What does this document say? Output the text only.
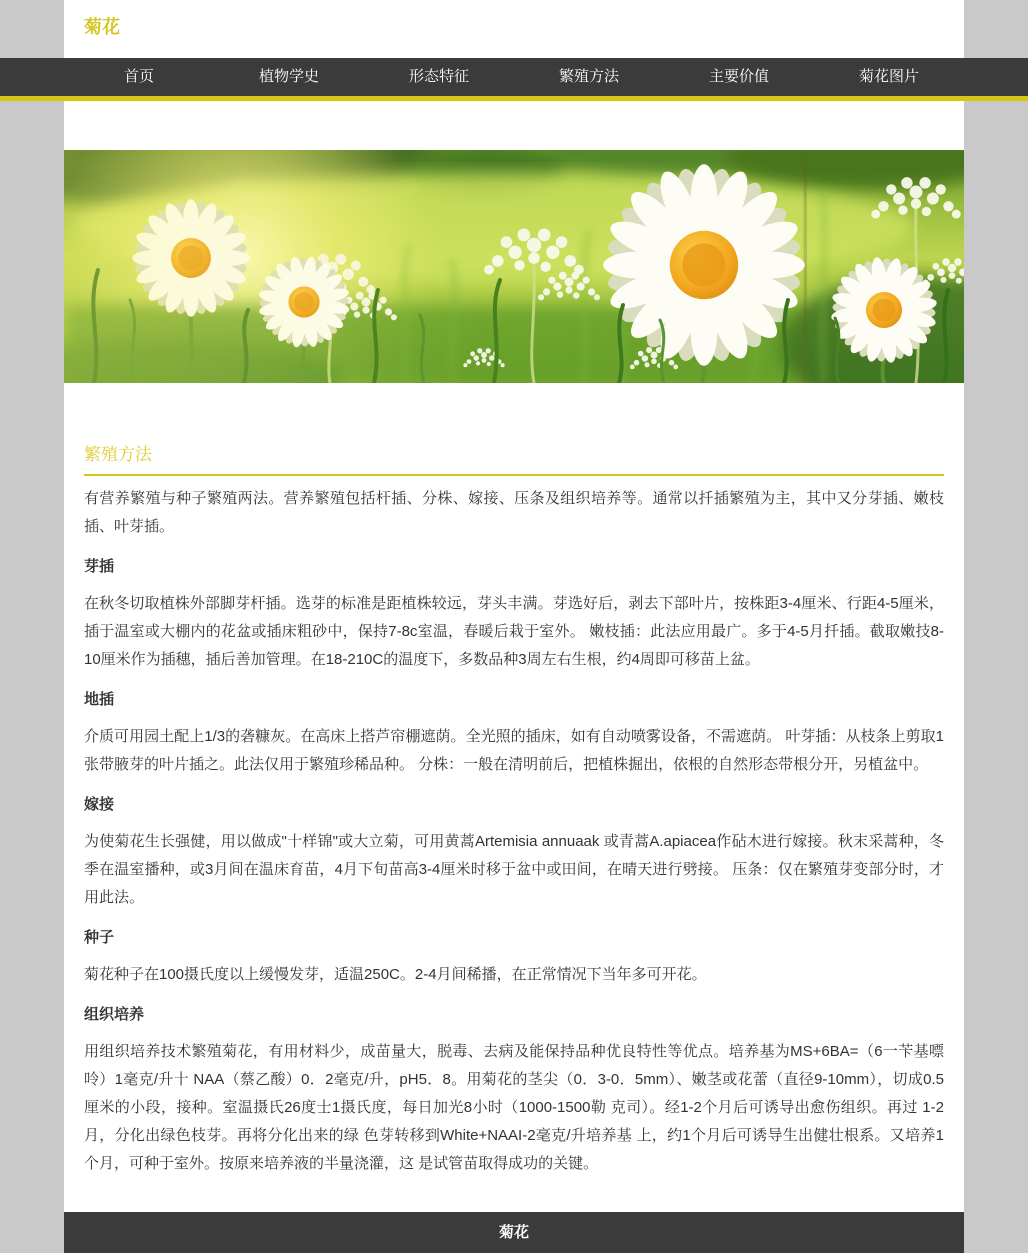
菊花
首页	植物学史	形态特征	繁殖方法	主要价值	菊花图片
繁殖方法

有营养繁殖与种子繁殖两法。营养繁殖包括杆插、分株、嫁接、压条及组织培养等。通常以扦插繁殖为主，其中又分芽插、嫩枝插、叶芽插。

芽插

在秋冬切取植株外部脚芽杆插。选芽的标准是距植株较远，芽头丰满。芽选好后，剥去下部叶片，按株距3-4厘米、行距4-5厘米，插于温室或大棚内的花盆或插床粗砂中，保持7-8c室温，春暖后栽于室外。 嫩枝插：此法应用最广。多于4-5月扦插。截取嫩技8-10厘米作为插穗，插后善加管理。在18-210C的温度下，多数品种3周左右生根，约4周即可移苗上盆。

地插

介质可用园土配上1/3的砻糠灰。在高床上搭芦帘棚遮荫。全光照的插床，如有自动喷雾设备，不需遮荫。 叶芽插：从枝条上剪取1张带腋芽的叶片插之。此法仅用于繁殖珍稀品种。 分株：一般在清明前后，把植株掘出，依根的自然形态带根分开，另植盆中。

嫁接

为使菊花生长强健，用以做成"十样锦"或大立菊，可用黄蒿Artemisia annuaak 或青蒿A.apiacea作砧木进行嫁接。秋末采蒿种，冬季在温室播种，或3月间在温床育苗，4月下旬苗高3-4厘米时移于盆中或田间，在晴天进行劈接。 压条：仅在繁殖芽变部分时，才用此法。

种子

菊花种子在100摄氏度以上缓慢发芽，适温250C。2-4月间稀播，在正常情况下当年多可开花。

组织培养

用组织培养技术繁殖菊花，有用材料少，成苗量大，脱毒、去病及能保持品种优良特性等优点。培养基为MS+6BA=（6一苄基嘌呤）1毫克/升十 NAA（蔡乙酸）0．2毫克/升，pH5．8。用菊花的茎尖（0．3-0．5mm）、嫩茎或花蕾（直径9-10mm），切成0.5 厘米的小段，接种。室温摄氏26度士1摄氏度，每日加光8小时（1000-1500勒 克司）。经1-2个月后可诱导出愈伤组织。再过 1-2月，分化出绿色枝芽。再将分化出来的绿 色芽转移到White+NAAI-2毫克/升培养基 上，约1个月后可诱导生出健壮根系。又培养1 个月，可种于室外。按原来培养液的半量浇灌，这 是试管苗取得成功的关键。

菊花
